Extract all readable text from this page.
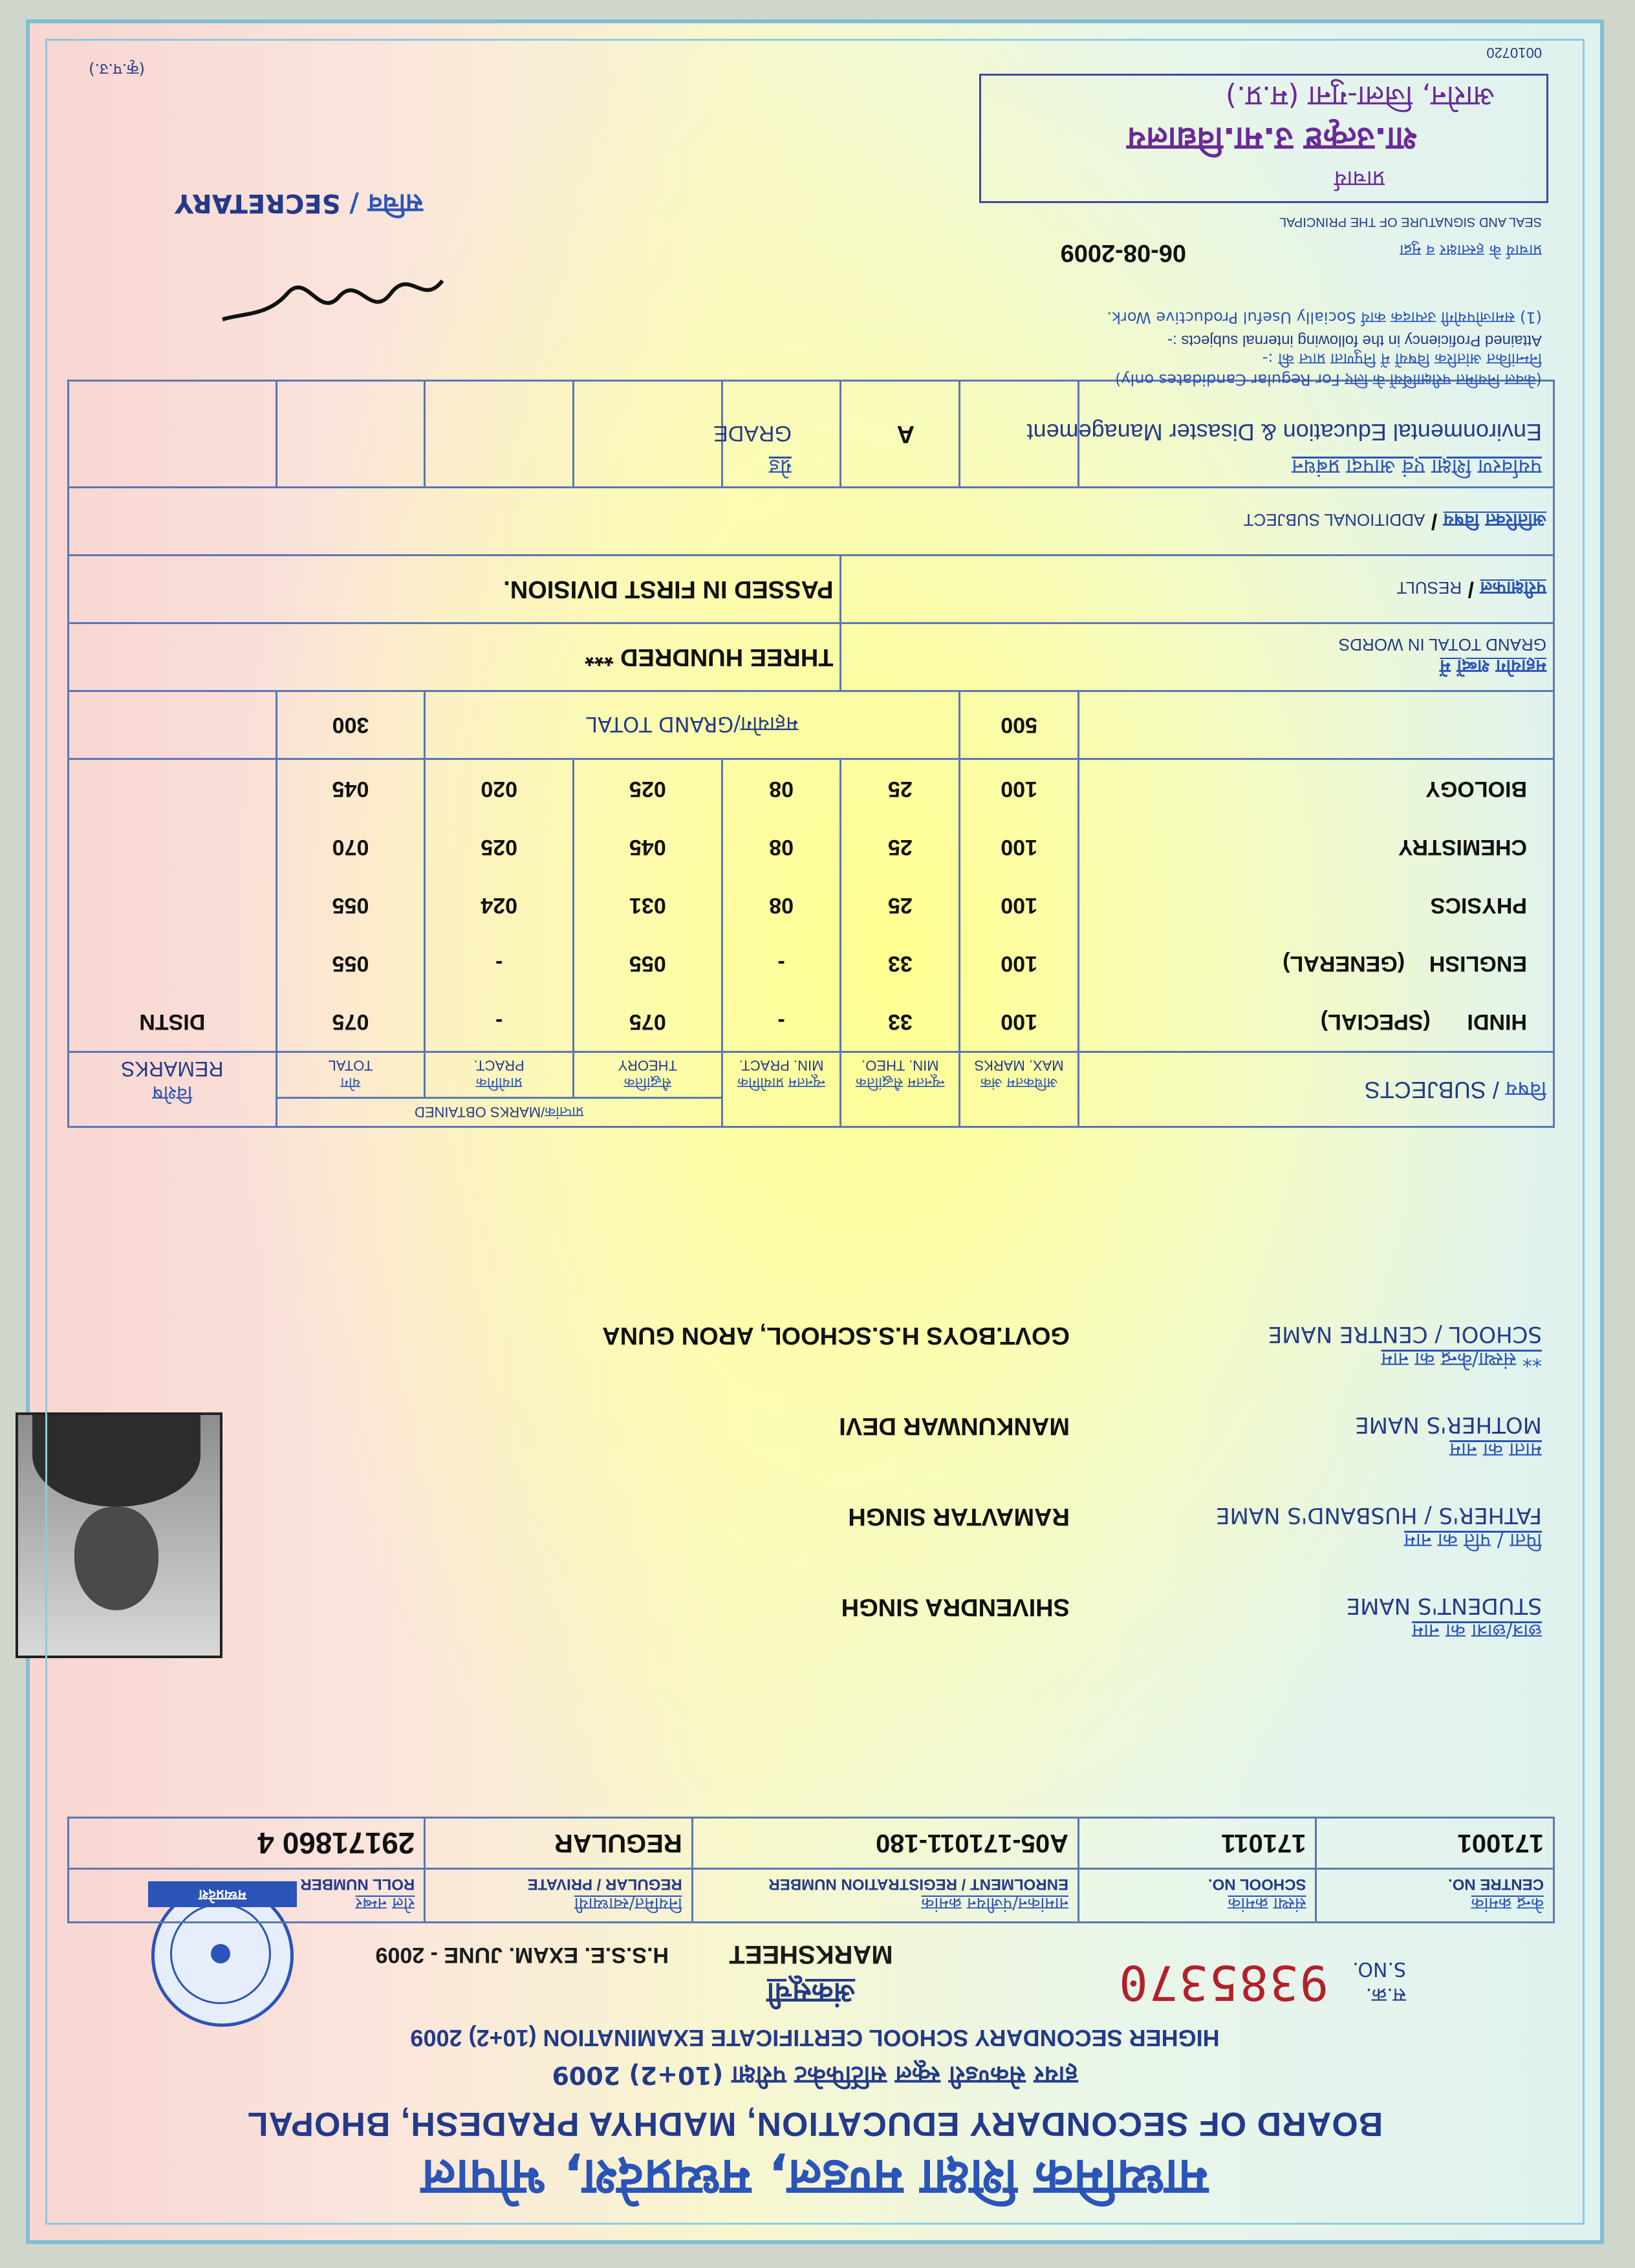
माध्यमिक शिक्षा मण्डल, मध्यप्रदेश, भोपाल
BOARD OF SECONDARY EDUCATION, MADHYA PRADESH, BHOPAL
हायर सेकण्डरी स्कूल सर्टिफिकेट परीक्षा (10+2) 2009
HIGHER SECONDARY SCHOOL CERTIFICATE EXAMINATION (10+2) 2009
मध्यप्रदेश
अंकसूची
MARKSHEET
H.S.S.E. EXAM. JUNE - 2009
स.क्र.
S.NO.
9385370
केन्द्र क्रमांक
CENTRE NO.	संस्था क्रमांक
SCHOOL NO.	नामांकन/पंजीयन क्रमांक
ENROLMENT / REGISTRATION NUMBER	नियमित/स्वाध्यायी
REGULAR / PRIVATE	रोल नम्बर
ROLL NUMBER

171001	171011	A05-171011-180	REGULAR	29171860 4
छात्र/छात्रा का नाम
STUDENT'S NAME
SHIVENDRA SINGH
पिता / पति का नाम
FATHER'S / HUSBAND'S NAME
RAMAVTAR SINGH
माता का नाम
MOTHER'S NAME
MANKUNWAR DEVI
** संस्था/केन्द्र का नाम
SCHOOL / CENTRE NAME
GOVT.BOYS H.S.SCHOOL, ARON GUNA
विषय / SUBJECTS	अधिकतम अंक
MAX. MARKS	न्यूनतम सैद्धांतिक
MIN. THEO.	न्यूनतम प्रायोगिक
MIN. PRACT.	प्राप्तांक/MARKS OBTAINED			विशेष
REMARKS

				सैद्धांतिक
THEORY	प्रायोगिक
PRACT.	योग
TOTAL	
HINDI      (SPECIAL)	100	33	-	075	-	075	DISTN
ENGLISH    (GENERAL)	100	33	-	055	-	055	
PHYSICS	100	25	08	031	024	055	
CHEMISTRY	100	25	08	045	025	070	
BIOLOGY	100	25	08	025	020	045	
	500	महायोग/GRAND TOTAL				300	

महायोग शब्दों में
GRAND TOTAL IN WORDS			THREE HUNDRED ***				
परीक्षाफल / RESULT			PASSED IN FIRST DIVISION.				
अतिरिक्त विषय / ADDITIONAL SUBJECT							

पर्यावरण शिक्षा एवं आपदा प्रबंधन
Environmental Education & Disaster Management
ग्रेड
A
GRADE
(केवल नियमित परीक्षार्थियों के लिए For Regular Candidates only)
निम्नांकित आंतरिक विषयों में निपुणता प्राप्त की :-
Attained Proficiency in the following internal subjects :-
(1) समाजोपयोगी उत्पादक कार्य Socially Useful Productive Work.
प्राचार्य के हस्ताक्षर व मुद्रा
06-08-2009
SEAL AND SIGNATURE OF THE PRINCIPAL
प्राचार्य
शा.उत्कृष्ट उ.मा.विद्यालय
आरोन, जिला-गुना (म.प्र.)
सचिव / SECRETARY
(कृ.प.उ.)
0010720
